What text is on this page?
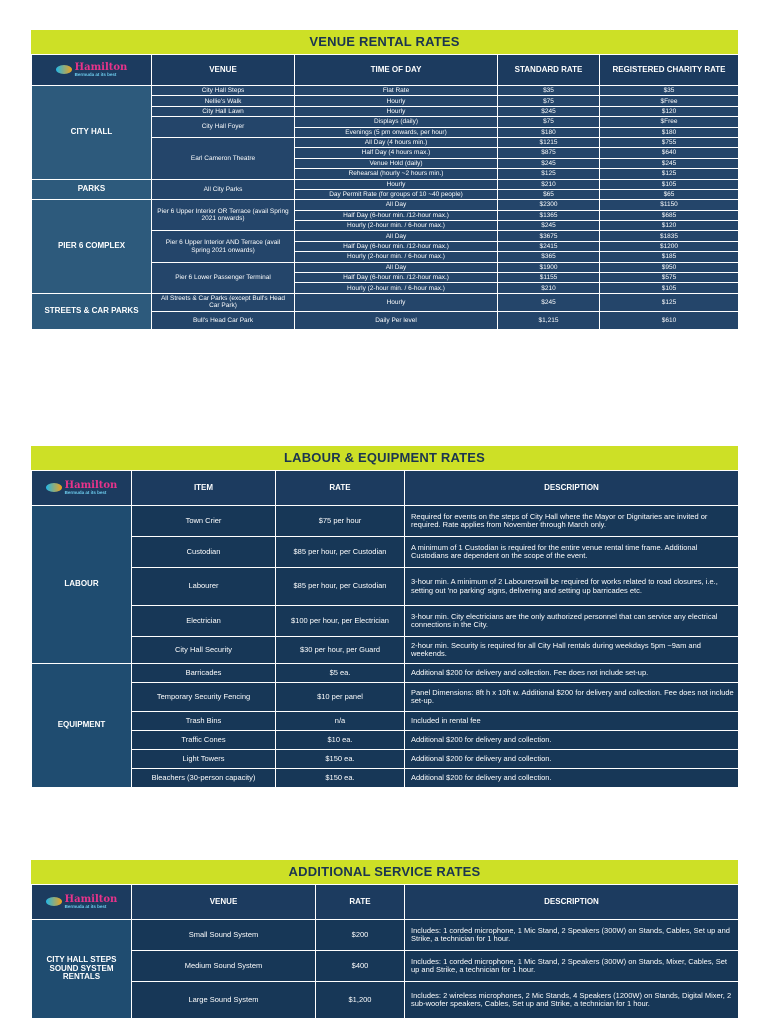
VENUE RENTAL RATES
Hamilton
Bermuda at its best	VENUE	TIME OF DAY	STANDARD RATE	REGISTERED CHARITY RATE
CITY HALL	City Hall Steps	Flat Rate	$35	$35
	Nellie's Walk	Hourly	$75	$Free
	City Hall Lawn	Hourly	$245	$120
	City Hall Foyer	Displays (daily)	$75	$Free
		Evenings (5 pm onwards, per hour)	$180	$180
	Earl Cameron Theatre	All Day (4 hours min.)	$1215	$755
		Half Day (4 hours max.)	$875	$640
		Venue Hold (daily)	$245	$245
		Rehearsal (hourly ~2 hours min.)	$125	$125
PARKS	All City Parks	Hourly	$210	$105
		Day Permit Rate (for groups of 10 ~40 people)	$65	$65
PIER 6 COMPLEX	Pier 6 Upper Interior OR Terrace (avail Spring 2021 onwards)	All Day	$2300	$1150
		Half Day (6-hour min. /12-hour max.)	$1365	$685
		Hourly (2-hour min. / 6-hour max.)	$245	$120
	Pier 6 Upper Interior AND Terrace (avail Spring 2021 onwards)	All Day	$3675	$1835
		Half Day (6-hour min. /12-hour max.)	$2415	$1200
		Hourly (2-hour min. / 6-hour max.)	$365	$185
	Pier 6 Lower Passenger Terminal	All Day	$1900	$950
		Half Day (6-hour min. /12-hour max.)	$1155	$575
		Hourly (2-hour min. / 6-hour max.)	$210	$105
STREETS & CAR PARKS	All Streets & Car Parks (except Bull's Head Car Park)	Hourly	$245	$125
	Bull's Head Car Park	Daily Per level	$1,215	$610
LABOUR & EQUIPMENT RATES
Hamilton
Bermuda at its best	ITEM	RATE	DESCRIPTION
LABOUR	Town Crier	$75 per hour	Required for events on the steps of City Hall where the Mayor or Dignitaries are invited or required. Rate applies from November through March only.
	Custodian	$85 per hour, per Custodian	A minimum of 1 Custodian is required for the entire venue rental time frame. Additional Custodians are dependent on the scope of the event.
	Labourer	$85 per hour, per Custodian	3-hour min. A minimum of 2 Labourerswill be required for works related to road closures, i.e., setting out 'no parking' signs, delivering and setting up barricades etc.
	Electrician	$100 per hour, per Electrician	3-hour min. City electricians are the only authorized personnel that can service any electrical connections in the City.
	City Hall Security	$30 per hour, per Guard	2-hour min. Security is required for all City Hall rentals during weekdays 5pm ~9am and weekends.
EQUIPMENT	Barricades	$5 ea.	Additional $200 for delivery and collection. Fee does not include set-up.
	Temporary Security Fencing	$10 per panel	Panel Dimensions: 8ft h x 10ft w. Additional $200 for delivery and collection. Fee does not include set-up.
	Trash Bins	n/a	Included in rental fee
	Traffic Cones	$10 ea.	Additional $200 for delivery and collection.
	Light Towers	$150 ea.	Additional $200 for delivery and collection.
	Bleachers (30-person capacity)	$150 ea.	Additional $200 for delivery and collection.
ADDITIONAL SERVICE RATES
Hamilton
Bermuda at its best	VENUE	RATE	DESCRIPTION
CITY HALL STEPS SOUND SYSTEM RENTALS	Small Sound System	$200	Includes: 1 corded microphone, 1 Mic Stand, 2 Speakers (300W) on Stands, Cables, Set up and Strike, a technician for 1 hour.
	Medium Sound System	$400	Includes: 1 corded microphone, 1 Mic Stand, 2 Speakers (300W) on Stands, Mixer, Cables, Set up and Strike, a technician for 1 hour.
	Large Sound System	$1,200	Includes: 2 wireless microphones, 2 Mic Stands, 4 Speakers (1200W) on Stands, Digital Mixer, 2 sub-woofer speakers, Cables, Set up and Strike, a technician for 1 hour.
